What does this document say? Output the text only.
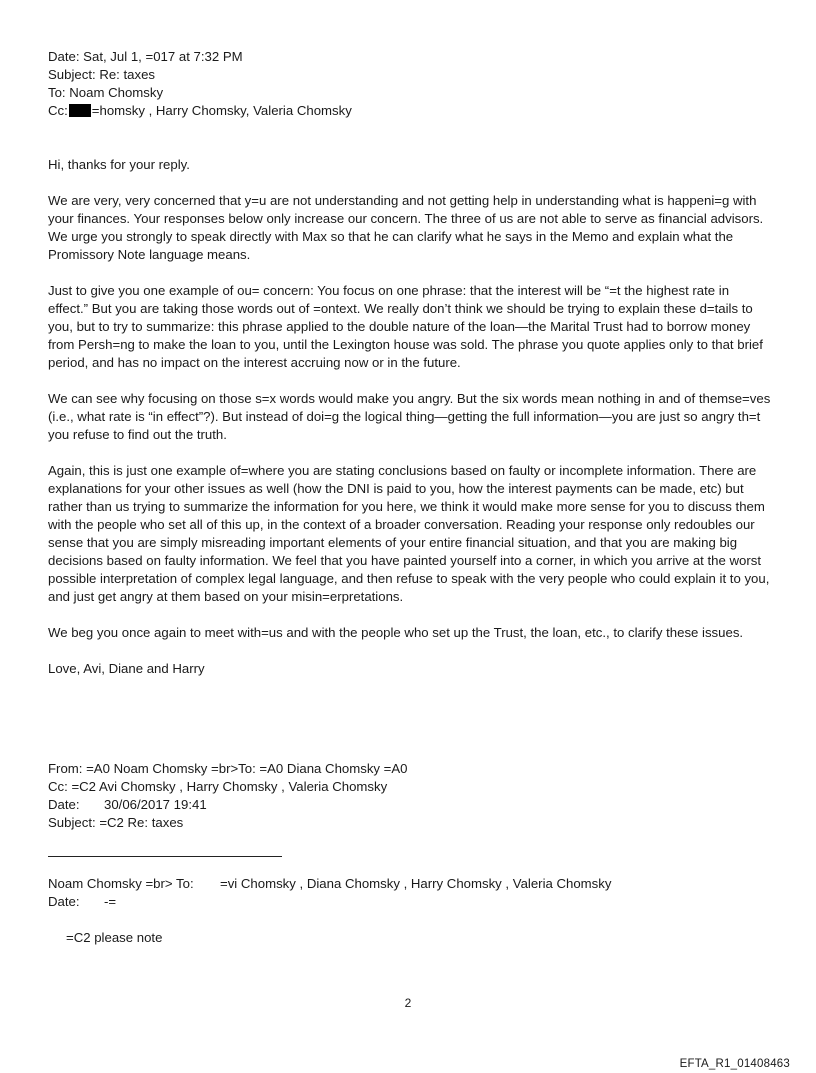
Date: Sat, Jul 1, =017 at 7:32 PM
Subject: Re: taxes
To: Noam Chomsky
Cc: =homsky , Harry Chomsky, Valeria Chomsky

Hi, thanks for your reply.

We are very, very concerned that y=u are not understanding and not getting help in understanding what is happeni=g with your finances. Your responses below only increase our concern. The three of us are not able to serve as financial advisors. We urge you strongly to speak directly with Max so that he can clarify what he says in the Memo and explain what the Promissory Note language means.

Just to give you one example of ou= concern: You focus on one phrase: that the interest will be “=t the highest rate in effect.” But you are taking those words out of =ontext. We really don’t think we should be trying to explain these d=tails to you, but to try to summarize: this phrase applied to the double nature of the loan—the Marital Trust had to borrow money from Persh=ng to make the loan to you, until the Lexington house was sold. The phrase you quote applies only to that brief period, and has no impact on the interest accruing now or in the future.

We can see why focusing on those s=x words would make you angry. But the six words mean nothing in and of themse=ves (i.e., what rate is “in effect”?). But instead of doi=g the logical thing—getting the full information—you are just so angry th=t you refuse to find out the truth.

Again, this is just one example of=where you are stating conclusions based on faulty or incomplete information. There are explanations for your other issues as well (how the DNI is paid to you, how the interest payments can be made, etc) but rather than us trying to summarize the information for you here, we think it would make more sense for you to discuss them with the people who set all of this up, in the context of a broader conversation. Reading your response only redoubles our sense that you are simply misreading important elements of your entire financial situation, and that you are making big decisions based on faulty information. We feel that you have painted yourself into a corner, in which you arrive at the worst possible interpretation of complex legal language, and then refuse to speak with the very people who could explain it to you, and just get angry at them based on your misin=erpretations.

We beg you once again to meet with=us and with the people who set up the Trust, the loan, etc., to clarify these issues.

Love, Avi, Diane and Harry

From: =A0 Noam Chomsky =br>To: =A0 Diana Chomsky =A0
Cc: =C2 Avi Chomsky , Harry Chomsky , Valeria Chomsky
Date: 30/06/2017 19:41
Subject: =C2 Re: taxes
Noam Chomsky =br> To: =vi Chomsky , Diana Chomsky , Harry Chomsky , Valeria Chomsky
Date: -=
=C2 please note
2
EFTA_R1_01408463
